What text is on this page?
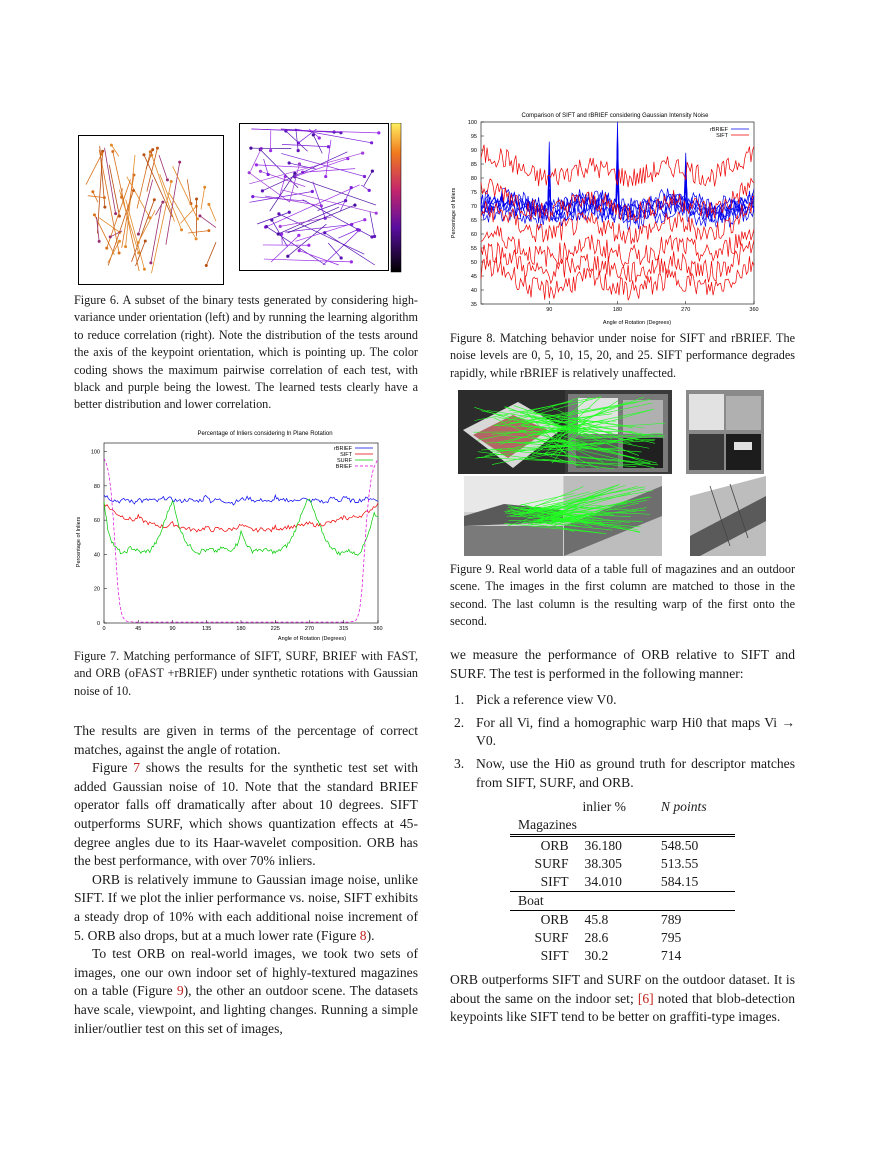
Figure 6. A subset of the binary tests generated by considering high-variance under orientation (left) and by running the learning algorithm to reduce correlation (right). Note the distribution of the tests around the axis of the keypoint orientation, which is pointing up. The color coding shows the maximum pairwise correlation of each test, with black and purple being the lowest. The learned tests clearly have a better distribution and lower correlation.
Percentage of Inliers considering In Plane Rotation
Percentage of Inliers
Angle of Rotation (Degrees)
0	45	90	135	180	225	270	315	360
0
20
40
60
80
100
rBRIEF
SIFT
SURF
BRIEF
Figure 7. Matching performance of SIFT, SURF, BRIEF with FAST, and ORB (oFAST +rBRIEF) under synthetic rotations with Gaussian noise of 10.
Comparison of SIFT and rBRIEF considering Gaussian Intensity Noise
Percentage of Inliers
Angle of Rotation (Degrees)
90	180	270	360
35
40
45
50
55
60
65
70
75
80
85
90
95
100
rBRIEF
SIFT
Figure 8. Matching behavior under noise for SIFT and rBRIEF. The noise levels are 0, 5, 10, 15, 20, and 25. SIFT performance degrades rapidly, while rBRIEF is relatively unaffected.
Figure 9. Real world data of a table full of magazines and an outdoor scene. The images in the first column are matched to those in the second. The last column is the resulting warp of the first onto the second.

The results are given in terms of the percentage of correct matches, against the angle of rotation.

Figure 7 shows the results for the synthetic test set with added Gaussian noise of 10. Note that the standard BRIEF operator falls off dramatically after about 10 degrees. SIFT outperforms SURF, which shows quantization effects at 45-degree angles due to its Haar-wavelet composition. ORB has the best performance, with over 70% inliers.

ORB is relatively immune to Gaussian image noise, unlike SIFT. If we plot the inlier performance vs. noise, SIFT exhibits a steady drop of 10% with each additional noise increment of 5. ORB also drops, but at a much lower rate (Figure 8).

To test ORB on real-world images, we took two sets of images, one our own indoor set of highly-textured magazines on a table (Figure 9), the other an outdoor scene. The datasets have scale, viewpoint, and lighting changes. Running a simple inlier/outlier test on this set of images,

we measure the performance of ORB relative to SIFT and SURF. The test is performed in the following manner:

1. Pick a reference view V0.
2. For all Vi, find a homographic warp Hi0 that maps Vi → V0.
3. Now, use the Hi0 as ground truth for descriptor matches from SIFT, SURF, and ORB.
	inlier %	N points
Magazines		
ORB	36.180	548.50
SURF	38.305	513.55
SIFT	34.010	584.15
Boat		
ORB	45.8	789
SURF	28.6	795
SIFT	30.2	714

ORB outperforms SIFT and SURF on the outdoor dataset. It is about the same on the indoor set; [6] noted that blob-detection keypoints like SIFT tend to be better on graffiti-type images.
